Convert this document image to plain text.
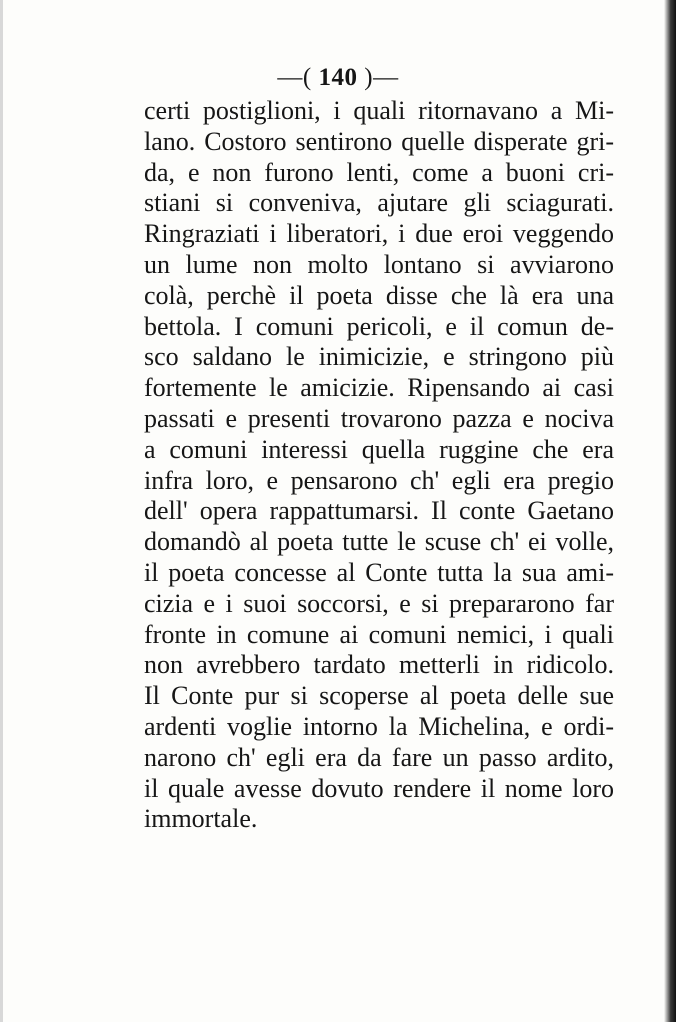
—( 140 )—
certi postiglioni, i quali ritornavano a Mi-
lano. Costoro sentirono quelle disperate gri-
da, e non furono lenti, come a buoni cri-
stiani si conveniva, ajutare gli sciagurati.
Ringraziati i liberatori, i due eroi veggendo
un lume non molto lontano si avviarono
colà, perchè il poeta disse che là era una
bettola. I comuni pericoli, e il comun de-
sco saldano le inimicizie, e stringono più
fortemente le amicizie. Ripensando ai casi
passati e presenti trovarono pazza e nociva
a comuni interessi quella ruggine che era
infra loro, e pensarono ch' egli era pregio
dell' opera rappattumarsi. Il conte Gaetano
domandò al poeta tutte le scuse ch' ei volle,
il poeta concesse al Conte tutta la sua ami-
cizia e i suoi soccorsi, e si prepararono far
fronte in comune ai comuni nemici, i quali
non avrebbero tardato metterli in ridicolo.
Il Conte pur si scoperse al poeta delle sue
ardenti voglie intorno la Michelina, e ordi-
narono ch' egli era da fare un passo ardito,
il quale avesse dovuto rendere il nome loro
immortale.
